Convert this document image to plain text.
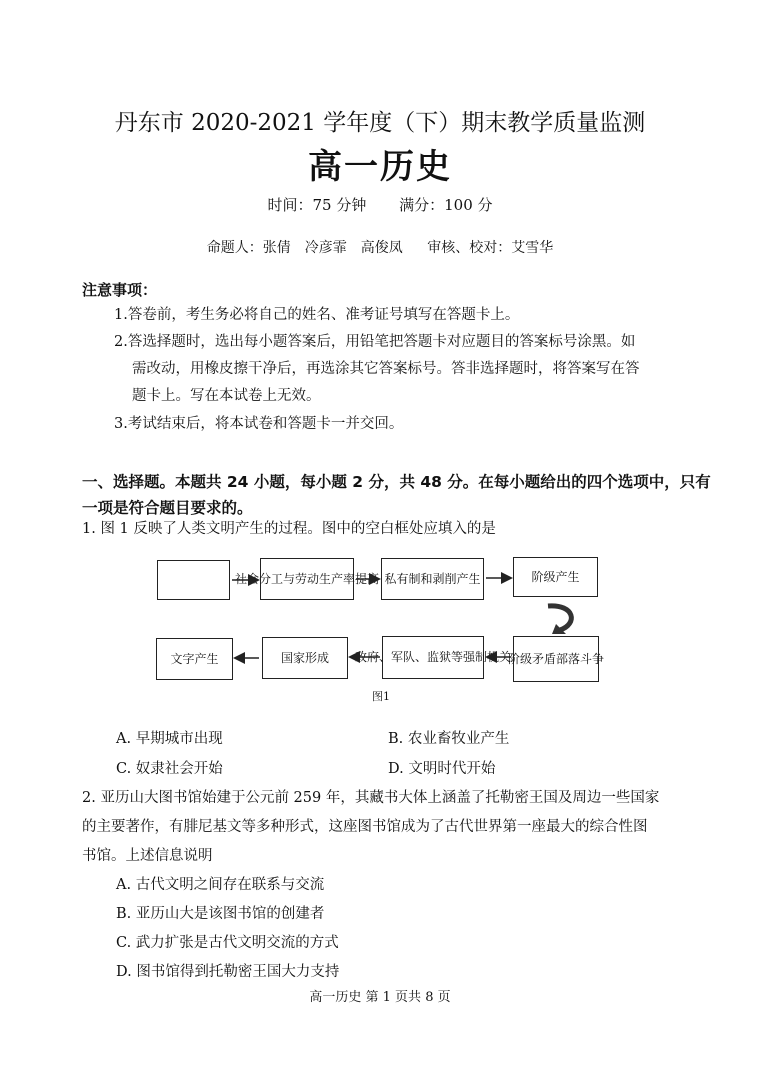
丹东市 2020-2021 学年度（下）期末教学质量监测
高一历史
时间：75 分钟 满分：100 分
命题人：张倩　冷彦霏　高俊凤 审核、校对：艾雪华
注意事项：
1.答卷前，考生务必将自己的姓名、准考证号填写在答题卡上。
2.答选择题时，选出每小题答案后，用铅笔把答题卡对应题目的答案标号涂黑。如
需改动，用橡皮擦干净后，再选涂其它答案标号。答非选择题时，将答案写在答
题卡上。写在本试卷上无效。
3.考试结束后，将本试卷和答题卡一并交回。
一、选择题。本题共 24 小题，每小题 2 分，共 48 分。在每小题给出的四个选项中，只有
一项是符合题目要求的。
1. 图 1 反映了人类文明产生的过程。图中的空白框处应填入的是
社会分工与劳动生产率提高 私有制和剥削产生	阶级产生
阶级矛盾部落斗争
政府、军队、监狱等强制机关
国家形成
文字产生
图1
A. 早期城市出现	B. 农业畜牧业产生
C. 奴隶社会开始	D. 文明时代开始
2. 亚历山大图书馆始建于公元前 259 年，其藏书大体上涵盖了托勒密王国及周边一些国家
的主要著作，有腓尼基文等多种形式，这座图书馆成为了古代世界第一座最大的综合性图
书馆。上述信息说明
A. 古代文明之间存在联系与交流
B. 亚历山大是该图书馆的创建者
C. 武力扩张是古代文明交流的方式
D. 图书馆得到托勒密王国大力支持
高一历史 第 1 页共 8 页
